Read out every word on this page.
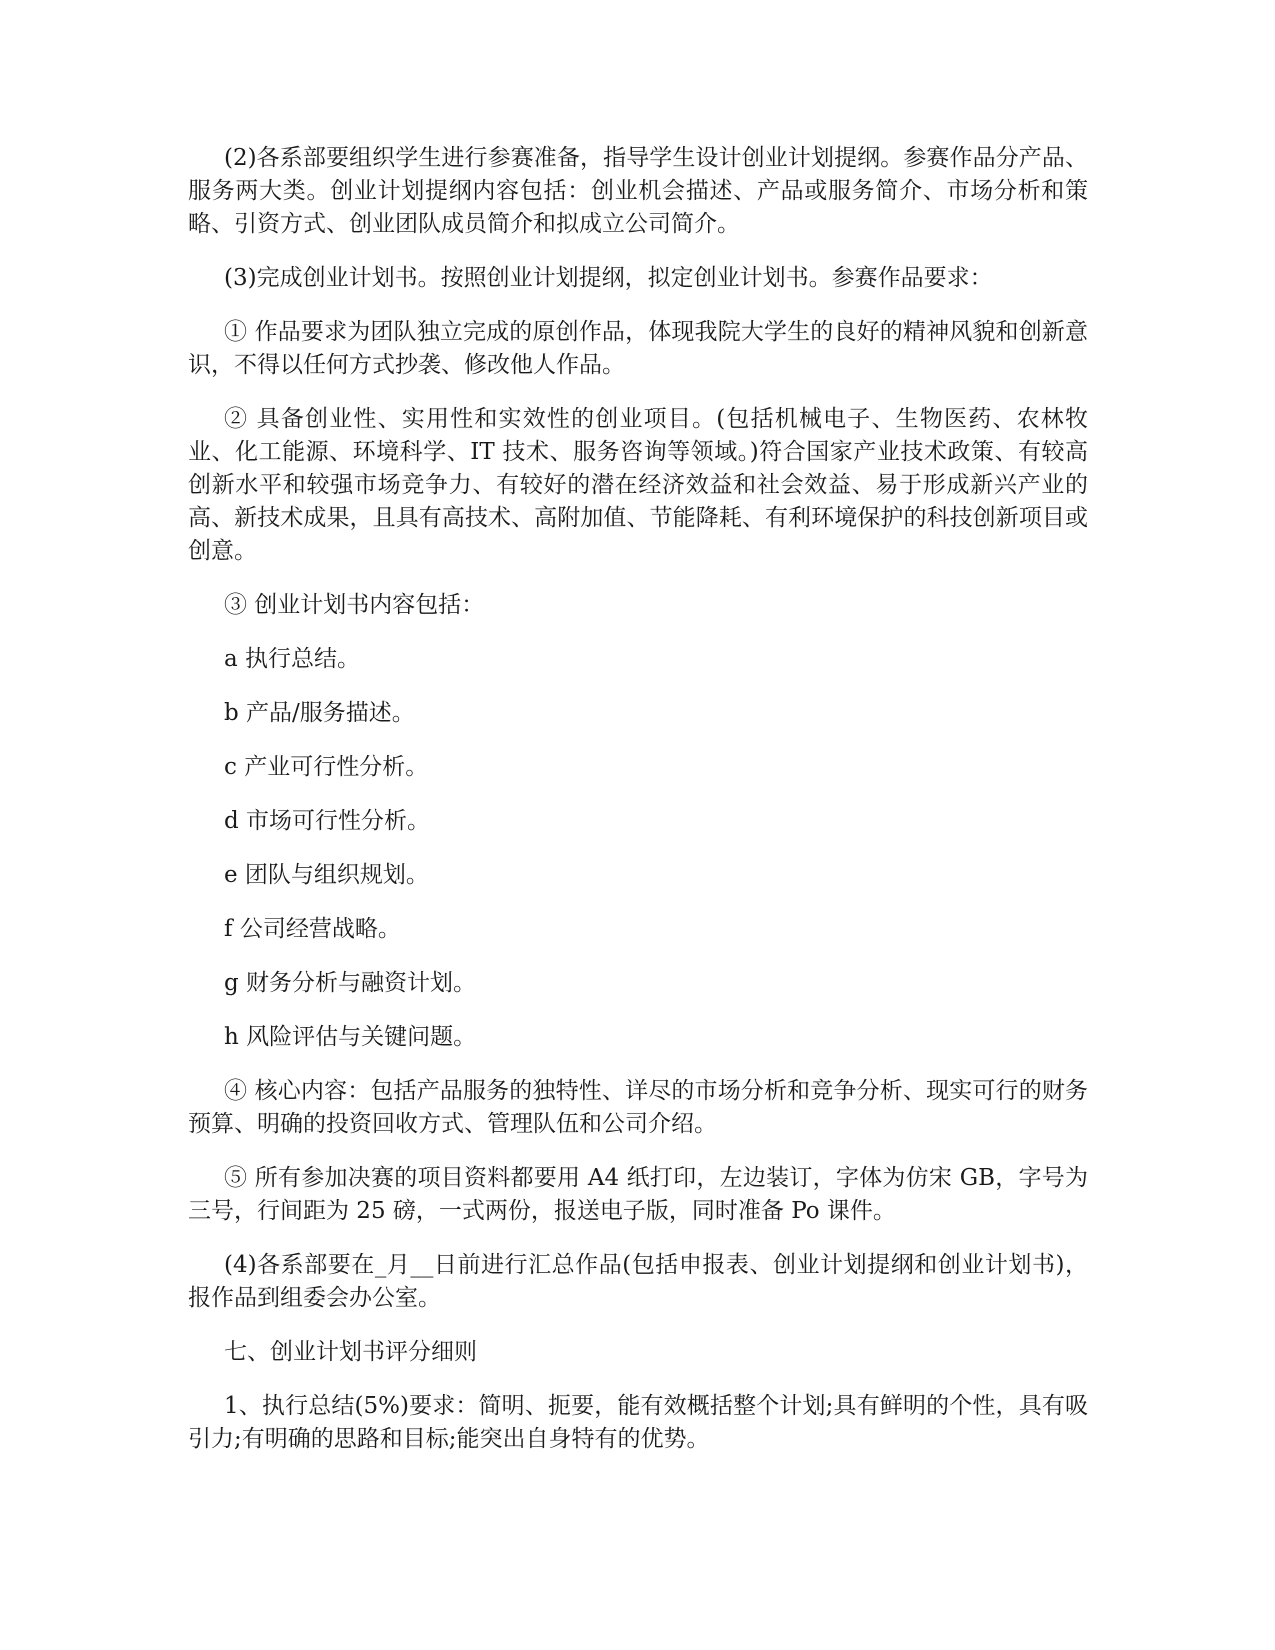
(2)各系部要组织学生进行参赛准备，指导学生设计创业计划提纲。参赛作品分产品、服务两大类。创业计划提纲内容包括：创业机会描述、产品或服务简介、市场分析和策略、引资方式、创业团队成员简介和拟成立公司简介。

(3)完成创业计划书。按照创业计划提纲，拟定创业计划书。参赛作品要求：

① 作品要求为团队独立完成的原创作品，体现我院大学生的良好的精神风貌和创新意识，不得以任何方式抄袭、修改他人作品。

② 具备创业性、实用性和实效性的创业项目。(包括机械电子、生物医药、农林牧业、化工能源、环境科学、IT 技术、服务咨询等领域。)符合国家产业技术政策、有较高创新水平和较强市场竞争力、有较好的潜在经济效益和社会效益、易于形成新兴产业的高、新技术成果，且具有高技术、高附加值、节能降耗、有利环境保护的科技创新项目或创意。

③ 创业计划书内容包括：

a 执行总结。

b 产品/服务描述。

c 产业可行性分析。

d 市场可行性分析。

e 团队与组织规划。

f 公司经营战略。

g 财务分析与融资计划。

h 风险评估与关键问题。

④ 核心内容：包括产品服务的独特性、详尽的市场分析和竞争分析、现实可行的财务预算、明确的投资回收方式、管理队伍和公司介绍。

⑤ 所有参加决赛的项目资料都要用 A4 纸打印，左边装订，字体为仿宋 GB，字号为三号，行间距为 25 磅，一式两份，报送电子版，同时准备 Po 课件。

(4)各系部要在_月__日前进行汇总作品(包括申报表、创业计划提纲和创业计划书)，报作品到组委会办公室。

七、创业计划书评分细则

1、执行总结(5%)要求：简明、扼要，能有效概括整个计划;具有鲜明的个性，具有吸引力;有明确的思路和目标;能突出自身特有的优势。
